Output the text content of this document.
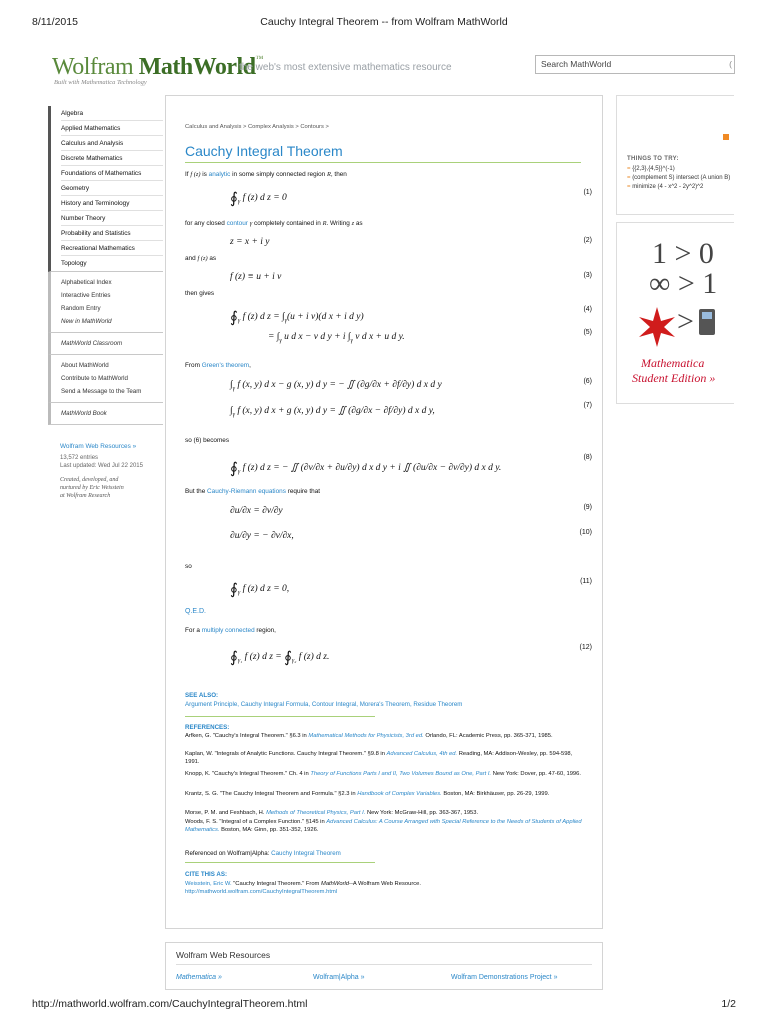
8/11/2015	Cauchy Integral Theorem -- from Wolfram MathWorld
Wolfram MathWorld™
Built with Mathematica Technology
the web's most extensive mathematics resource	Search MathWorld	(
Algebra
Applied Mathematics
Calculus and Analysis
Discrete Mathematics
Foundations of Mathematics
Geometry
History and Terminology
Number Theory
Probability and Statistics
Recreational Mathematics
Topology
Alphabetical Index
Interactive Entries
Random Entry
New in MathWorld
MathWorld Classroom
About MathWorld
Contribute to MathWorld
Send a Message to the Team
MathWorld Book
Wolfram Web Resources »
13,572 entries
Last updated: Wed Jul 22 2015
Created, developed, and
nurtured by Eric Weisstein
at Wolfram Research
Calculus and Analysis > Complex Analysis > Contours >
Cauchy Integral Theorem
If f (z) is analytic in some simply connected region R, then
$∮_\gamma$ f (z) d z = 0
(1)
for any closed contour γ completely contained in R. Writing z as
z = x + i y	(2)
and f (z) as
f (z) ≡ u + i v	(3)
then gives
$∮_\gamma$ f (z) d $z = \int_\gamma(u + i$ v)(d x + i d y)
(4)
= $\int_\gamma$ u d x − v d y + i $\int_\gamma$ v d x + u d y.	(5)
From Green's theorem,
$\int_\gamma$ f (x, y) d x − g (x, y) d y = − ∬ (∂g/∂x + ∂f/∂y) d x d y	(6)
$\int_\gamma$ f (x, y) d x + g (x, y) d y = ∬ (∂g/∂x − ∂f/∂y) d x d y,
(7)
so (6) becomes
$∮_\gamma$ f (z) d z = − ∬ (∂v/∂x + ∂u/∂y) d x d y + i ∬ (∂u/∂x − ∂v/∂y) d x d y.
(8)
But the Cauchy-Riemann equations require that
∂u/∂x = ∂v/∂y	(9)
∂u/∂y = − ∂v/∂x,	(10)
so
$∮_\gamma$ f (z) d z = 0,
(11)
Q.E.D.
For a multiply connected region,
$∮_{\gamma_1}$ f (z) d $z = ∮_{\gamma_2}$ f (z) d z.
(12)
SEE ALSO:
Argument Principle, Cauchy Integral Formula, Contour Integral, Morera's Theorem, Residue Theorem
REFERENCES:
Arfken, G. "Cauchy's Integral Theorem." §6.3 in Mathematical Methods for Physicists, 3rd ed. Orlando, FL: Academic Press, pp. 365-371, 1985.
Kaplan, W. "Integrals of Analytic Functions. Cauchy Integral Theorem." §9.8 in Advanced Calculus, 4th ed. Reading, MA: Addison-Wesley, pp. 594-598, 1991.
Knopp, K. "Cauchy's Integral Theorem." Ch. 4 in Theory of Functions Parts I and II, Two Volumes Bound as One, Part I. New York: Dover, pp. 47-60, 1996.
Krantz, S. G. "The Cauchy Integral Theorem and Formula." §2.3 in Handbook of Complex Variables. Boston, MA: Birkhäuser, pp. 26-29, 1999.
Morse, P. M. and Feshbach, H. Methods of Theoretical Physics, Part I. New York: McGraw-Hill, pp. 363-367, 1953.
Woods, F. S. "Integral of a Complex Function." §145 in Advanced Calculus: A Course Arranged with Special Reference to the Needs of Students of Applied Mathematics. Boston, MA: Ginn, pp. 351-352, 1926.
Referenced on Wolfram|Alpha: Cauchy Integral Theorem
CITE THIS AS:
Weisstein, Eric W. "Cauchy Integral Theorem." From MathWorld--A Wolfram Web Resource.
http://mathworld.wolfram.com/CauchyIntegralTheorem.html
THINGS TO TRY:
= {{2,3},{4,5}}^(-1)
= (complement S) intersect (A union B)
= minimize (4 - x^2 - 2y^2)^2
1 > 0
∞ > 1
>
Mathematica
Student Edition »
Wolfram Web Resources
Mathematica »	Wolfram|Alpha »	Wolfram Demonstrations Project »
http://mathworld.wolfram.com/CauchyIntegralTheorem.html	1/2
